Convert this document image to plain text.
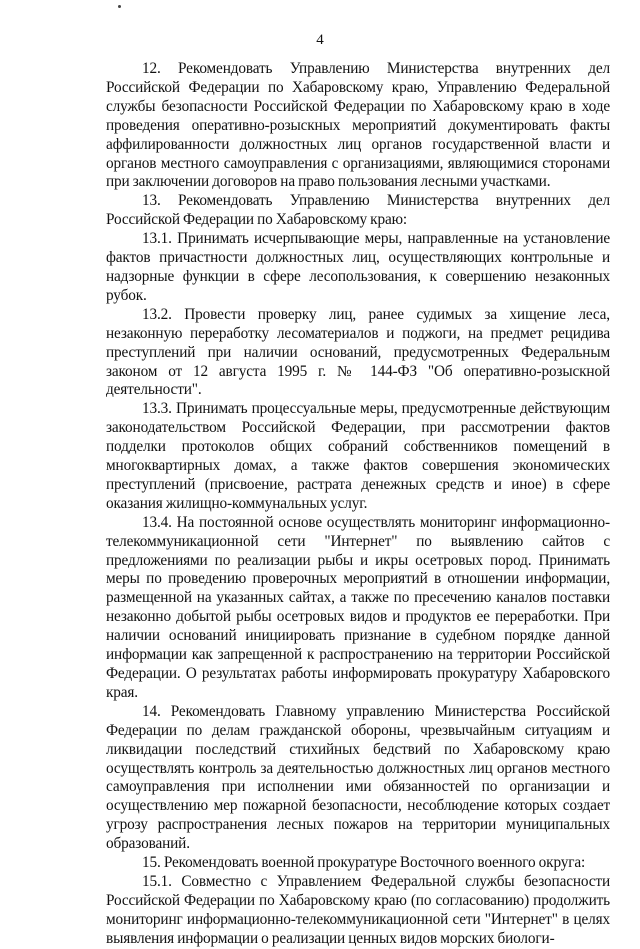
4

12. Рекомендовать Управлению Министерства внутренних дел Российской Федерации по Хабаровскому краю, Управлению Федеральной службы безопасности Российской Федерации по Хабаровскому краю в ходе проведения оперативно-розыскных мероприятий документировать факты аффилированности должностных лиц органов государственной власти и органов местного самоуправления с организациями, являющимися сторонами при заключении договоров на право пользования лесными участками.

13. Рекомендовать Управлению Министерства внутренних дел Российской Федерации по Хабаровскому краю:

13.1. Принимать исчерпывающие меры, направленные на установление фактов причастности должностных лиц, осуществляющих контрольные и надзорные функции в сфере лесопользования, к совершению незаконных рубок.

13.2. Провести проверку лиц, ранее судимых за хищение леса, незаконную переработку лесоматериалов и поджоги, на предмет рецидива преступлений при наличии оснований, предусмотренных Федеральным законом от 12 августа 1995 г. № 144-ФЗ "Об оперативно-розыскной деятельности".

13.3. Принимать процессуальные меры, предусмотренные действующим законодательством Российской Федерации, при рассмотрении фактов подделки протоколов общих собраний собственников помещений в многоквартирных домах, а также фактов совершения экономических преступлений (присвоение, растрата денежных средств и иное) в сфере оказания жилищно-коммунальных услуг.

13.4. На постоянной основе осуществлять мониторинг информационно-телекоммуникационной сети "Интернет" по выявлению сайтов с предложениями по реализации рыбы и икры осетровых пород. Принимать меры по проведению проверочных мероприятий в отношении информации, размещенной на указанных сайтах, а также по пресечению каналов поставки незаконно добытой рыбы осетровых видов и продуктов ее переработки. При наличии оснований инициировать признание в судебном порядке данной информации как запрещенной к распространению на территории Российской Федерации. О результатах работы информировать прокуратуру Хабаровского края.

14. Рекомендовать Главному управлению Министерства Российской Федерации по делам гражданской обороны, чрезвычайным ситуациям и ликвидации последствий стихийных бедствий по Хабаровскому краю осуществлять контроль за деятельностью должностных лиц органов местного самоуправления при исполнении ими обязанностей по организации и осуществлению мер пожарной безопасности, несоблюдение которых создает угрозу распространения лесных пожаров на территории муниципальных образований.

15. Рекомендовать военной прокуратуре Восточного военного округа:

15.1. Совместно с Управлением Федеральной службы безопасности Российской Федерации по Хабаровскому краю (по согласованию) продолжить мониторинг информационно-телекоммуникационной сети "Интернет" в целях выявления информации о реализации ценных видов морских биологи-
